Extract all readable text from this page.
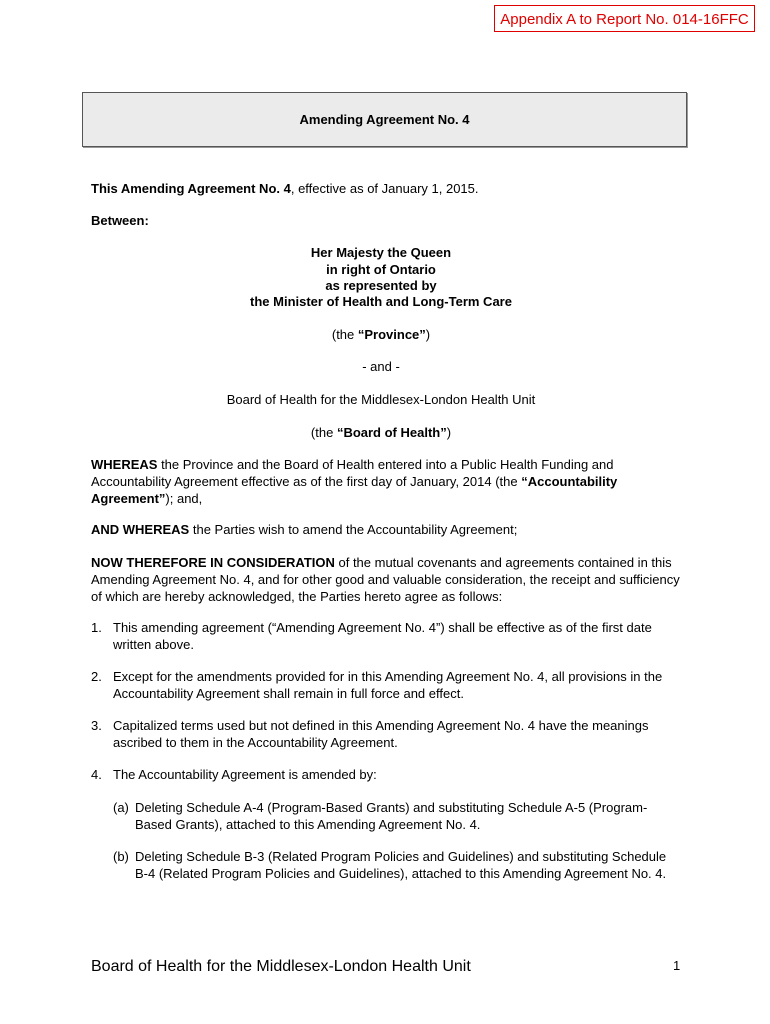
Appendix A to Report No. 014-16FFC
Amending Agreement No. 4
This Amending Agreement No. 4, effective as of January 1, 2015.
Between:
Her Majesty the Queen
in right of Ontario
as represented by
the Minister of Health and Long-Term Care
(the “Province”)
- and -
Board of Health for the Middlesex-London Health Unit
(the “Board of Health”)
WHEREAS the Province and the Board of Health entered into a Public Health Funding and Accountability Agreement effective as of the first day of January, 2014 (the “Accountability Agreement”); and,
AND WHEREAS the Parties wish to amend the Accountability Agreement;
NOW THEREFORE IN CONSIDERATION of the mutual covenants and agreements contained in this Amending Agreement No. 4, and for other good and valuable consideration, the receipt and sufficiency of which are hereby acknowledged, the Parties hereto agree as follows:
1. This amending agreement (“Amending Agreement No. 4”) shall be effective as of the first date written above.
2. Except for the amendments provided for in this Amending Agreement No. 4, all provisions in the Accountability Agreement shall remain in full force and effect.
3. Capitalized terms used but not defined in this Amending Agreement No. 4 have the meanings ascribed to them in the Accountability Agreement.
4. The Accountability Agreement is amended by:
(a) Deleting Schedule A-4 (Program-Based Grants) and substituting Schedule A-5 (Program-Based Grants), attached to this Amending Agreement No. 4.
(b) Deleting Schedule B-3 (Related Program Policies and Guidelines) and substituting Schedule B-4 (Related Program Policies and Guidelines), attached to this Amending Agreement No. 4.
Board of Health for the Middlesex-London Health Unit	1
